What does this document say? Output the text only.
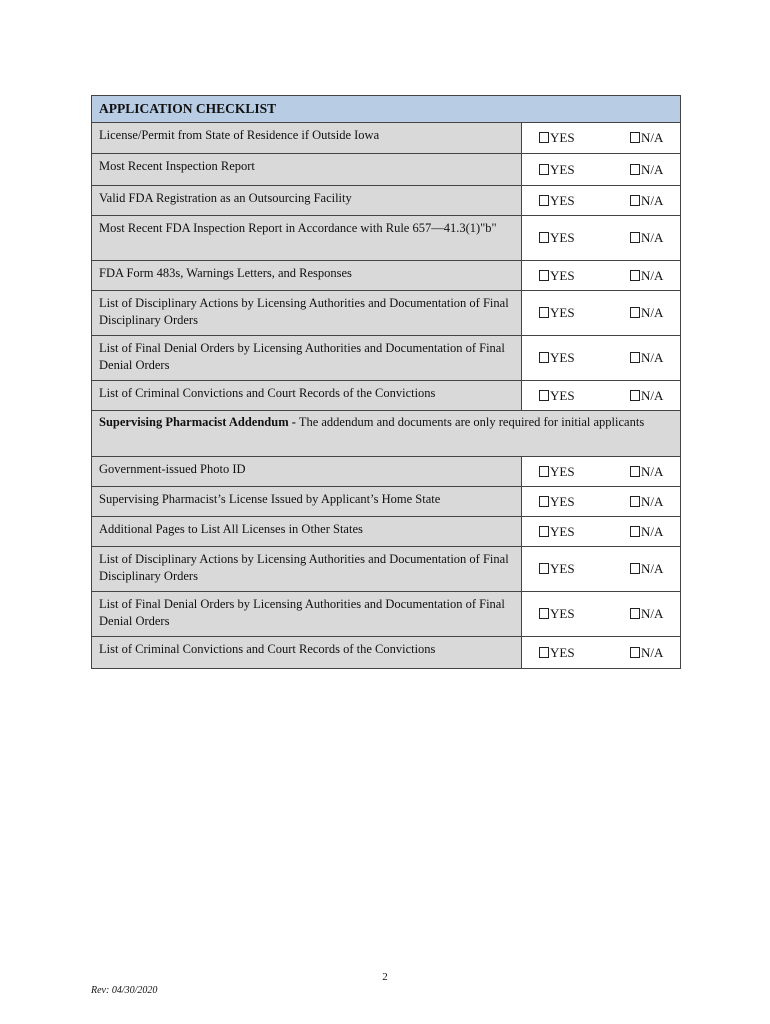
APPLICATION CHECKLIST	
License/Permit from State of Residence if Outside Iowa	YES N/A

Most Recent Inspection Report	YES N/A

Valid FDA Registration as an Outsourcing Facility	YES N/A

Most Recent FDA Inspection Report in Accordance with Rule 657—41.3(1)"b"	YES N/A

FDA Form 483s, Warnings Letters, and Responses	YES N/A

List of Disciplinary Actions by Licensing Authorities and Documentation of Final Disciplinary Orders	YES N/A

List of Final Denial Orders by Licensing Authorities and Documentation of Final Denial Orders	YES N/A

List of Criminal Convictions and Court Records of the Convictions	YES N/A

Supervising Pharmacist Addendum - The addendum and documents are only required for initial applicants	
Government-issued Photo ID	YES N/A

Supervising Pharmacist’s License Issued by Applicant’s Home State	YES N/A

Additional Pages to List All Licenses in Other States	YES N/A

List of Disciplinary Actions by Licensing Authorities and Documentation of Final Disciplinary Orders	YES N/A

List of Final Denial Orders by Licensing Authorities and Documentation of Final Denial Orders	YES N/A

List of Criminal Convictions and Court Records of the Convictions	YES N/A
2
Rev: 04/30/2020
